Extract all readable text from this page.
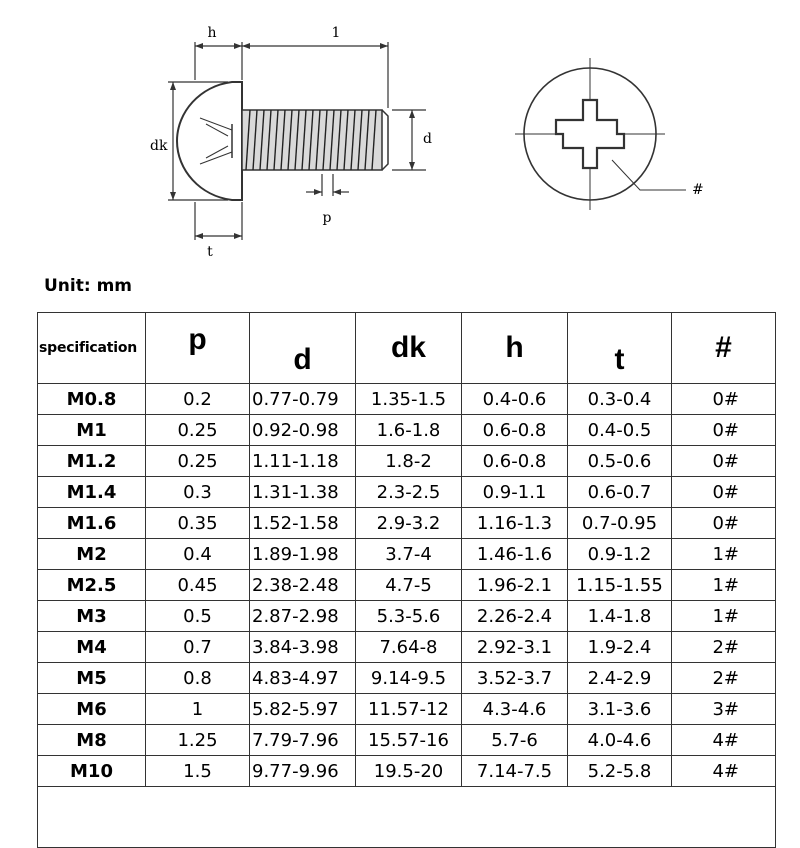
h	1
dk	d
p
t
#
Unit: mm
specification	p	d	dk	h	t	#
M0.8	0.2	0.77-0.79	1.35-1.5	0.4-0.6	0.3-0.4	0#
M1	0.25	0.92-0.98	1.6-1.8	0.6-0.8	0.4-0.5	0#
M1.2	0.25	1.11-1.18	1.8-2	0.6-0.8	0.5-0.6	0#
M1.4	0.3	1.31-1.38	2.3-2.5	0.9-1.1	0.6-0.7	0#
M1.6	0.35	1.52-1.58	2.9-3.2	1.16-1.3	0.7-0.95	0#
M2	0.4	1.89-1.98	3.7-4	1.46-1.6	0.9-1.2	1#
M2.5	0.45	2.38-2.48	4.7-5	1.96-2.1	1.15-1.55	1#
M3	0.5	2.87-2.98	5.3-5.6	2.26-2.4	1.4-1.8	1#
M4	0.7	3.84-3.98	7.64-8	2.92-3.1	1.9-2.4	2#
M5	0.8	4.83-4.97	9.14-9.5	3.52-3.7	2.4-2.9	2#
M6	1	5.82-5.97	11.57-12	4.3-4.6	3.1-3.6	3#
M8	1.25	7.79-7.96	15.57-16	5.7-6	4.0-4.6	4#
M10	1.5	9.77-9.96	19.5-20	7.14-7.5	5.2-5.8	4#
